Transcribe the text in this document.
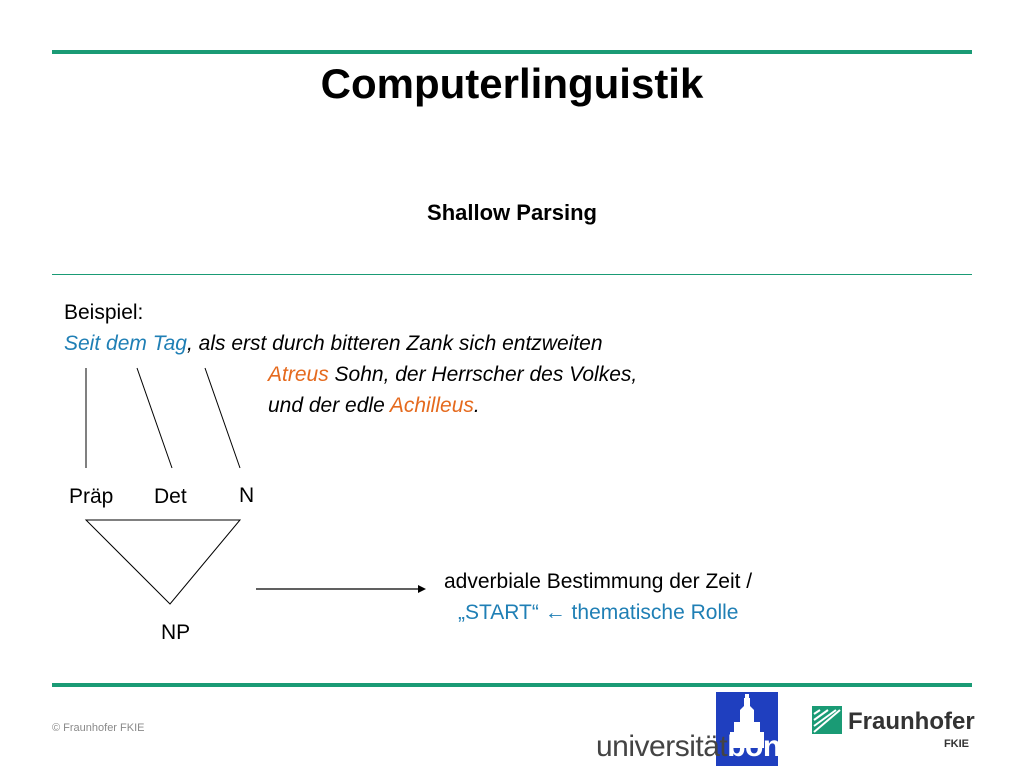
Computerlinguistik
Shallow Parsing
Beispiel:
Seit dem Tag, als erst durch bitteren Zank sich entzweiten
Atreus Sohn, der Herrscher des Volkes,
und der edle Achilleus.
Präp Det N
NP
adverbiale Bestimmung der Zeit /
„START“ ← thematische Rolle
© Fraunhofer FKIE
universitätbonn
Fraunhofer
FKIE
